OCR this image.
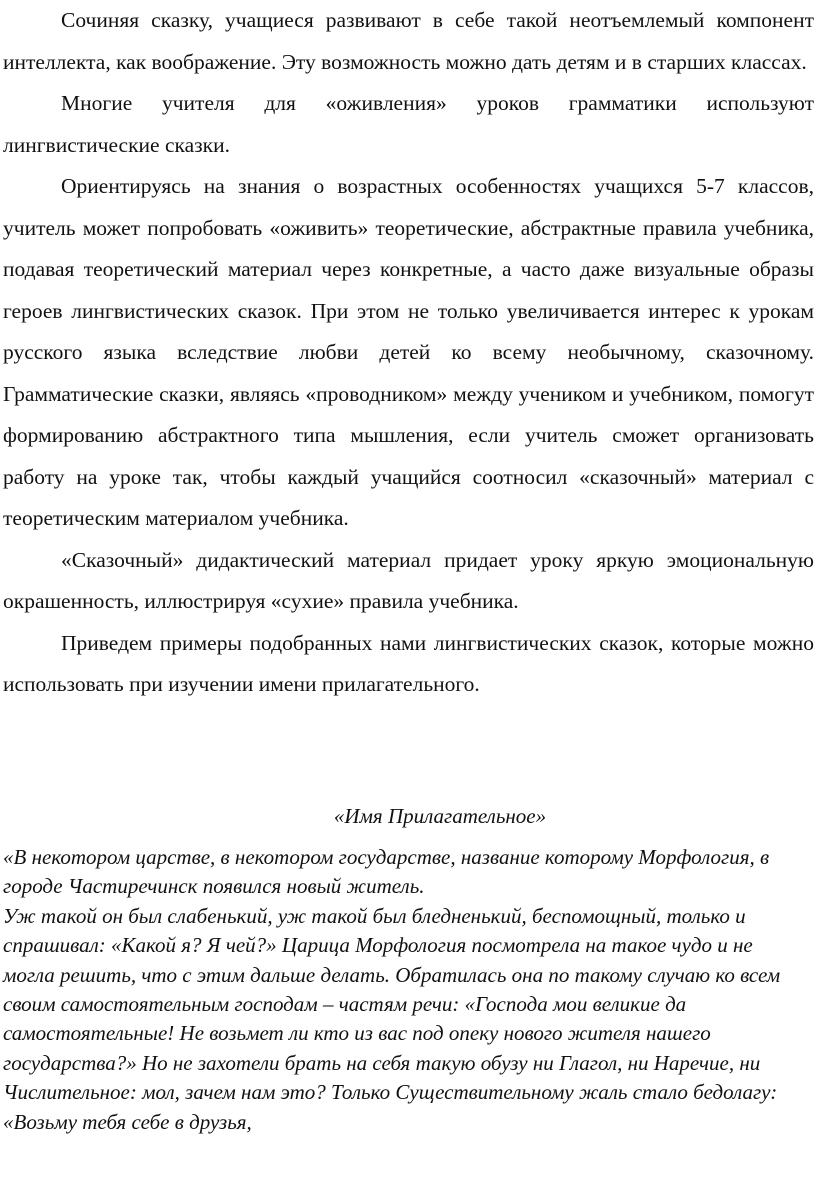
Сочиняя сказку, учащиеся развивают в себе такой неотъемлемый компонент интеллекта, как воображение. Эту возможность можно дать детям и в старших классах.

Многие учителя для «оживления» уроков грамматики используют лингвистические сказки.

Ориентируясь на знания о возрастных особенностях учащихся 5-7 классов, учитель может попробовать «оживить» теоретические, абстрактные правила учебника, подавая теоретический материал через конкретные, а часто даже визуальные образы героев лингвистических сказок. При этом не только увеличивается интерес к урокам русского языка вследствие любви детей ко всему необычному, сказочному. Грамматические сказки, являясь «проводником» между учеником и учебником, помогут формированию абстрактного типа мышления, если учитель сможет организовать работу на уроке так, чтобы каждый учащийся соотносил «сказочный» материал с теоретическим материалом учебника.

«Сказочный» дидактический материал придает уроку яркую эмоциональную окрашенность, иллюстрируя «сухие» правила учебника.

Приведем примеры подобранных нами лингвистических сказок, которые можно использовать при изучении имени прилагательного.

«Имя Прилагательное»

«В некотором царстве, в некотором государстве, название которому Морфология, в городе Частиречинск появился новый житель.

Уж такой он был слабенький, уж такой был бледненький, беспомощный, только и спрашивал: «Какой я? Я чей?» Царица Морфология посмотрела на такое чудо и не могла решить, что с этим дальше делать. Обратилась она по такому случаю ко всем своим самостоятельным господам – частям речи: «Господа мои великие да самостоятельные! Не возьмет ли кто из вас под опеку нового жителя нашего государства?» Но не захотели брать на себя такую обузу ни Глагол, ни Наречие, ни Числительное: мол, зачем нам это? Только Существительному жаль стало бедолагу: «Возьму тебя себе в друзья,
